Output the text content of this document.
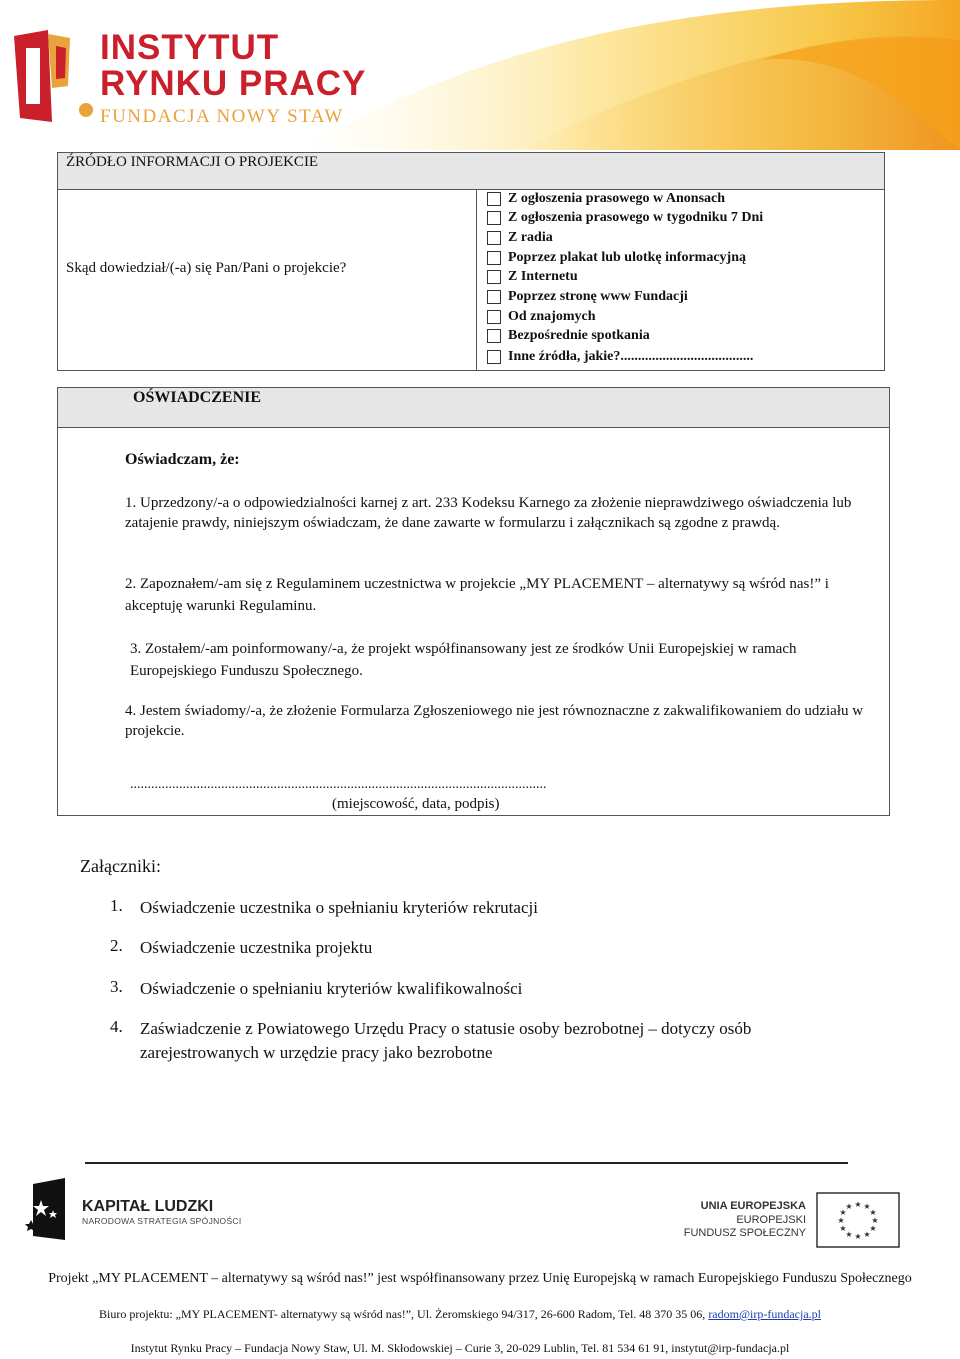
INSTYTUT
RYNKU PRACY
FUNDACJA NOWY STAW
ŹRÓDŁO INFORMACJI O PROJEKCIE
Skąd dowiedział/(-a) się Pan/Pani o projekcie?
Z ogłoszenia prasowego w Anonsach
Z ogłoszenia prasowego w tygodniku 7 Dni
Z radia
Poprzez plakat lub ulotkę informacyjną
Z Internetu
Poprzez stronę www Fundacji
Od znajomych
Bezpośrednie spotkania
Inne źródła, jakie?......................................
OŚWIADCZENIE
Oświadczam, że:
1. Uprzedzony/-a o odpowiedzialności karnej z art. 233 Kodeksu Karnego za złożenie nieprawdziwego oświadczenia lub zatajenie prawdy, niniejszym oświadczam, że dane zawarte w formularzu i załącznikach są zgodne z prawdą.
2. Zapoznałem/-am się z Regulaminem uczestnictwa w projekcie „MY PLACEMENT – alternatywy są wśród nas!” i akceptuję warunki Regulaminu.
3. Zostałem/-am poinformowany/-a, że projekt współfinansowany jest ze środków Unii Europejskiej w ramach Europejskiego Funduszu Społecznego.
4. Jestem świadomy/-a, że złożenie Formularza Zgłoszeniowego nie jest równoznaczne z zakwalifikowaniem do udziału w projekcie.
.......................................................................................................................
(miejscowość, data, podpis)
Załączniki:
1. Oświadczenie uczestnika o spełnianiu kryteriów rekrutacji
2. Oświadczenie uczestnika projektu
3. Oświadczenie o spełnianiu kryteriów kwalifikowalności
4. Zaświadczenie z Powiatowego Urzędu Pracy o statusie osoby bezrobotnej – dotyczy osób zarejestrowanych w urzędzie pracy jako bezrobotne
KAPITAŁ LUDZKI
NARODOWA STRATEGIA SPÓJNOŚCI
UNIA EUROPEJSKA
EUROPEJSKI
FUNDUSZ SPOŁECZNY
★ ★
★
★
★
★
★
★
★
★
★
★
Projekt „MY PLACEMENT – alternatywy są wśród nas!” jest współfinansowany przez Unię Europejską w ramach Europejskiego Funduszu Społecznego
Biuro projektu: „MY PLACEMENT- alternatywy są wśród nas!”, Ul. Żeromskiego 94/317, 26-600 Radom, Tel. 48 370 35 06, radom@irp-fundacja.pl
Instytut Rynku Pracy – Fundacja Nowy Staw, Ul. M. Skłodowskiej – Curie 3, 20-029 Lublin, Tel. 81 534 61 91, instytut@irp-fundacja.pl
